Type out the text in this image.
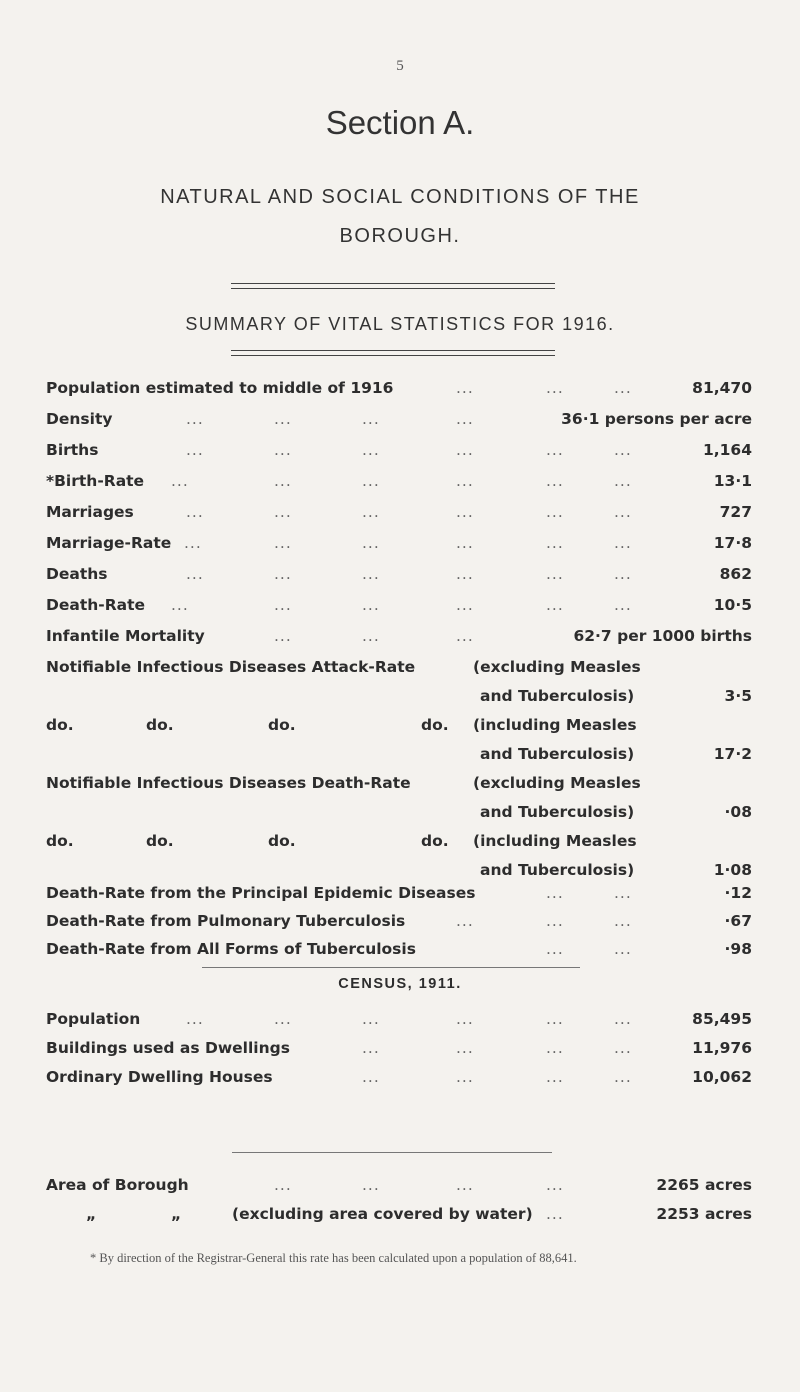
5
Section A.
NATURAL AND SOCIAL CONDITIONS OF THE
BOROUGH.
SUMMARY OF VITAL STATISTICS FOR 1916.
Population estimated to middle of 1916	...	...	...	81,470
Density	...	...	...	...	36·1 persons per acre
Births	...	...	...	...	...	...	1,164
*Birth-Rate ...	...	...	...	...	...	13·1
Marriages	...	...	...	...	...	...	727
Marriage-Rate ...	...	...	...	...	...	17·8
Deaths	...	...	...	...	...	...	862
Death-Rate ...	...	...	...	...	...	10·5
Infantile Mortality	...	...	...	62·7 per 1000 births
Notifiable Infectious Diseases Attack-Rate	(excluding Measles
and Tuberculosis)	3·5
do.	do.	do.	do. (including Measles
and Tuberculosis)	17·2
Notifiable Infectious Diseases Death-Rate	(excluding Measles
and Tuberculosis)	·08
do.	do.	do.	do. (including Measles
and Tuberculosis)	1·08
CENSUS, 1911.
Death-Rate from the Principal Epidemic Diseases	...	...	·12
Death-Rate from Pulmonary Tuberculosis	...	...	...	·67
Death-Rate from All Forms of Tuberculosis	...	...	·98
Population	...	...	...	...	...	...	85,495
Buildings used as Dwellings	...	...	...	...	11,976
Ordinary Dwelling Houses	...	...	...	...	10,062
Area of Borough	...	...	...	...	2265 acres
„	„	(excluding area covered by water) ...	2253 acres
* By direction of the Registrar-General this rate has been calculated upon a population of 88,641.
